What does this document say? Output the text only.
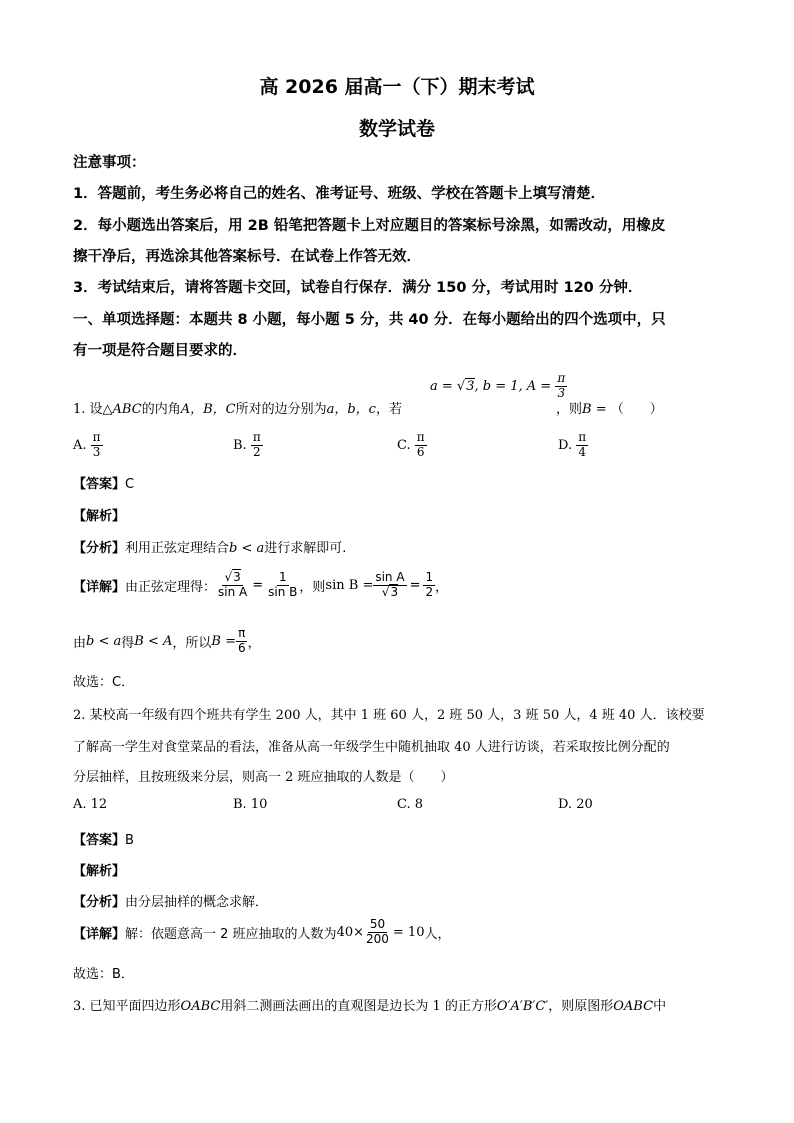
高 2026 届高一（下）期末考试
数学试卷
注意事项：
1．答题前，考生务必将自己的姓名、准考证号、班级、学校在答题卡上填写清楚．
2．每小题选出答案后，用 2B 铅笔把答题卡上对应题目的答案标号涂黑，如需改动，用橡皮
擦干净后，再选涂其他答案标号．在试卷上作答无效．
3．考试结束后，请将答题卡交回，试卷自行保存．满分 150 分，考试用时 120 分钟．
一、单项选择题：本题共 8 小题，每小题 5 分，共 40 分．在每小题给出的四个选项中，只
有一项是符合题目要求的．
a = √3, b = 1, $A = \frac{\pi}{3}$
1. 设△ABC的内角A，B，C所对的边分别为a，b，c，若	，则B = （　　）
A. $\frac{\pi}{3}$	B. $\frac{\pi}{2}$	C. $\frac{\pi}{6}$	D. $\frac{\pi}{4}$
【答案】C
【解析】
【分析】利用正弦定理结合b < a进行求解即可.
【详解】 由正弦定理得： $\frac{√3}{\text{sin A}} = \frac{1}{\text{sin B}}$ ，则 $\sin B = \frac{\text{sin A}}{√3} = \frac{1}{2}$ ，
由 b < a 得 B < A ，所以 $B = \frac{\pi}{6}$ ，
故选：C．
2. 某校高一年级有四个班共有学生 200 人，其中 1 班 60 人，2 班 50 人，3 班 50 人，4 班 40 人．该校要
了解高一学生对食堂菜品的看法，准备从高一年级学生中随机抽取 40 人进行访谈，若采取按比例分配的
分层抽样，且按班级来分层，则高一 2 班应抽取的人数是（　　）
A. 12	B. 10	C. 8	D. 20
【答案】B
【解析】
【分析】由分层抽样的概念求解．
【详解】 解：依题意高一 2 班应抽取的人数为 $40\times \frac{50}{200} = 10$ 人，
故选：B．
3. 已知平面四边形OABC用斜二测画法画出的直观图是边长为 1 的正方形O′A′B′C′，则原图形OABC中
